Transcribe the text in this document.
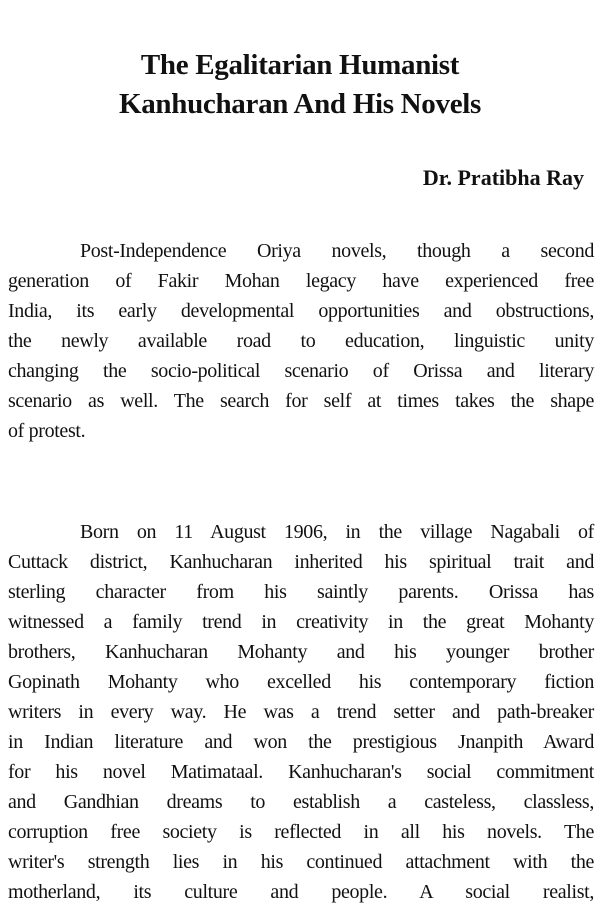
The Egalitarian Humanist
Kanhucharan And His Novels

Dr. Pratibha Ray

Post-Independence Oriya novels, though a second
generation of Fakir Mohan legacy have experienced free
India, its early developmental opportunities and obstructions,
the newly available road to education, linguistic unity
changing the socio-political scenario of Orissa and literary
scenario as well. The search for self at times takes the shape
of protest.
Born on 11 August 1906, in the village Nagabali of
Cuttack district, Kanhucharan inherited his spiritual trait and
sterling character from his saintly parents. Orissa has
witnessed a family trend in creativity in the great Mohanty
brothers, Kanhucharan Mohanty and his younger brother
Gopinath Mohanty who excelled his contemporary fiction
writers in every way. He was a trend setter and path-breaker
in Indian literature and won the prestigious Jnanpith Award
for his novel Matimataal. Kanhucharan's social commitment
and Gandhian dreams to establish a casteless, classless,
corruption free society is reflected in all his novels. The
writer's strength lies in his continued attachment with the
motherland, its culture and people. A social realist,
